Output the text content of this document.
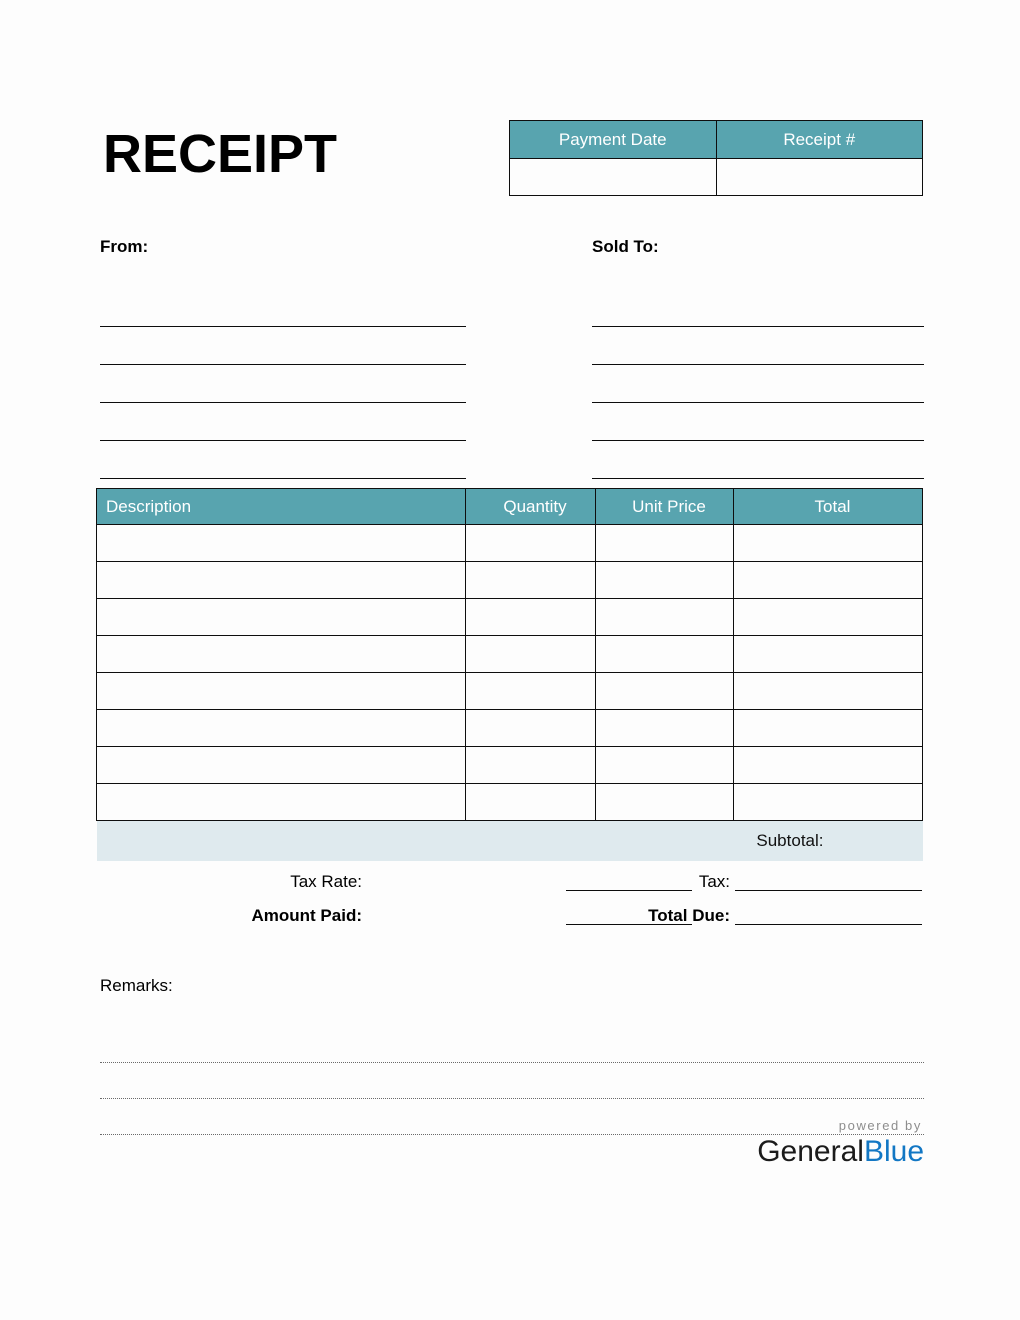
RECEIPT	Payment Date	Receipt #

From:	Sold To:
Description	Quantity	Unit Price	Total

Subtotal:			
Tax Rate:	Tax:
Amount Paid:	Total Due:
Remarks:
powered by
GeneralBlue
